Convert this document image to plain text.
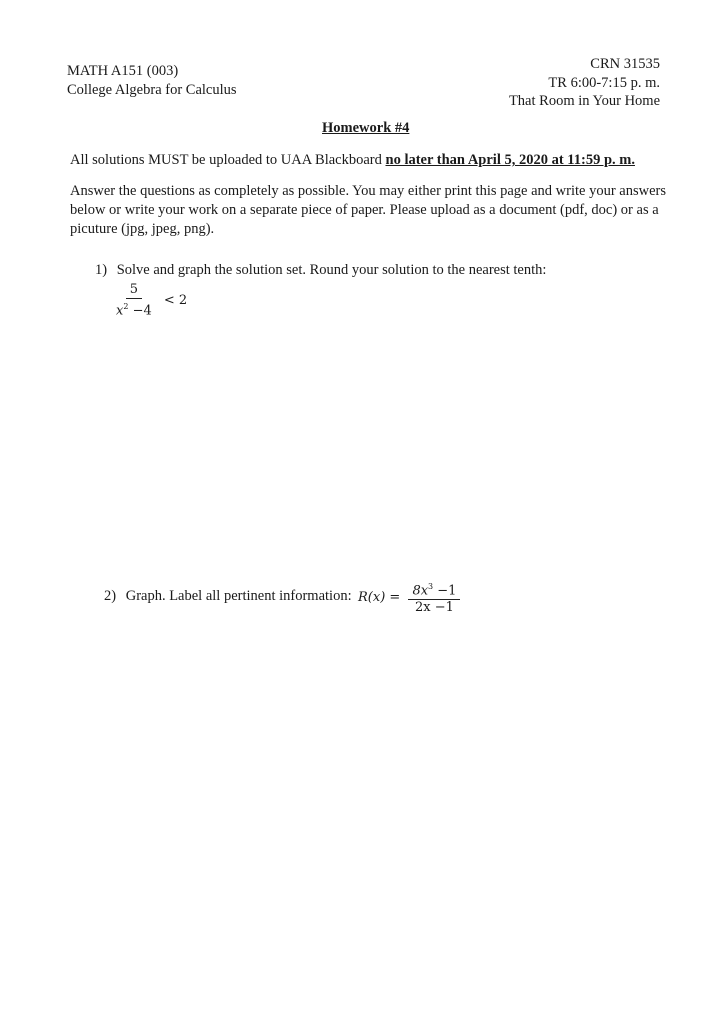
MATH A151 (003)
College Algebra for Calculus
CRN 31535
TR 6:00-7:15 p. m.
That Room in Your Home
Homework #4
All solutions MUST be uploaded to UAA Blackboard no later than April 5, 2020 at 11:59 p. m.
Answer the questions as completely as possible. You may either print this page and write your answers below or write your work on a separate piece of paper. Please upload as a document (pdf, doc) or as a picuture (jpg, jpeg, png).
1) Solve and graph the solution set. Round your solution to the nearest tenth:
$\frac{5}{x^2 -4} < 2$
2) Graph. Label all pertinent information: $R(x) = \frac{8x^3 -1}{2x -1}$
